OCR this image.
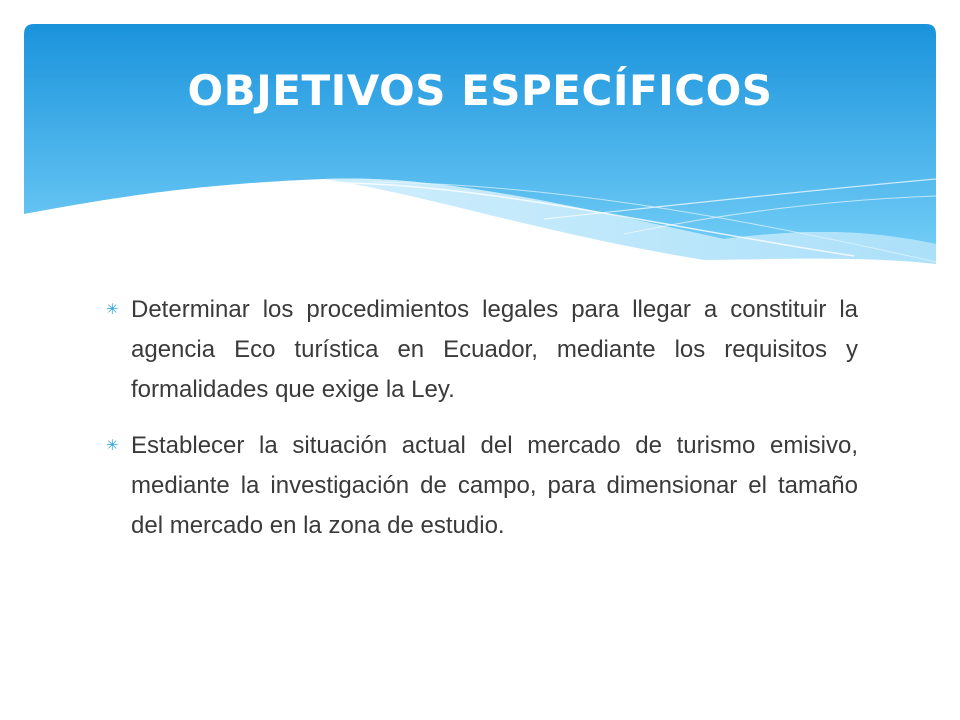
OBJETIVOS ESPECÍFICOS
✳ Determinar los procedimientos legales para llegar a constituir la agencia Eco turística en Ecuador, mediante los requisitos y formalidades que exige la Ley.
✳ Establecer la situación actual del mercado de turismo emisivo, mediante la investigación de campo, para dimensionar el tamaño del mercado en la zona de estudio.
